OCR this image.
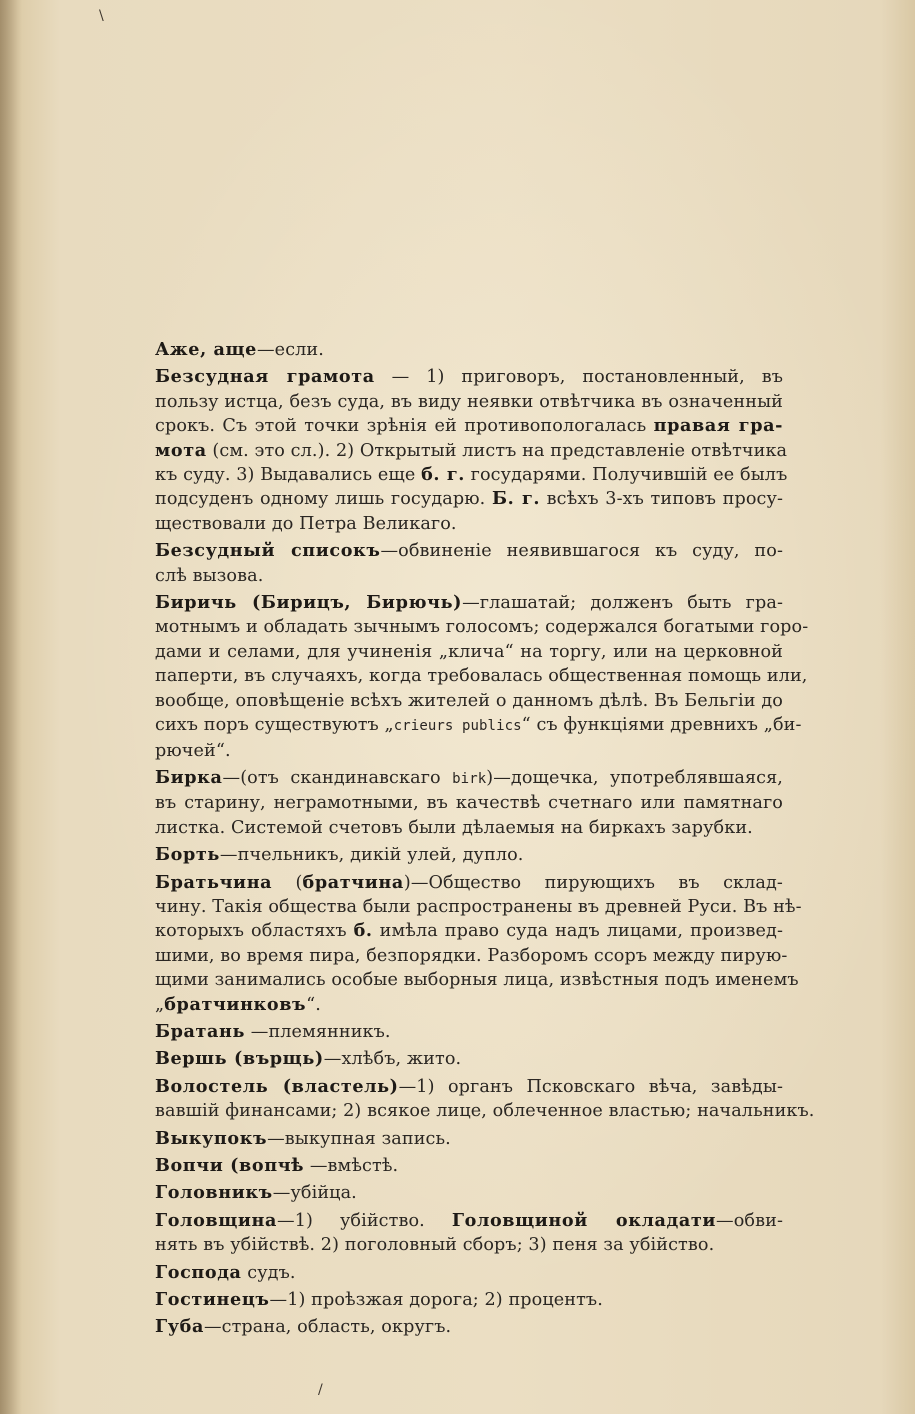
\
/
Аже, аще—если.
Безсудная грамота — 1) приговоръ, постановленный, въ
пользу истца, безъ суда, въ виду неявки отвѣтчика въ означенный
срокъ. Съ этой точки зрѣнія ей противопологалась правая гра-
мота (см. это сл.). 2) Открытый листъ на представленіе отвѣтчика
къ суду. 3) Выдавались еще б. г. государями. Получившій ее былъ
подсуденъ одному лишь государю. Б. г. всѣхъ 3-хъ типовъ просу-
ществовали до Петра Великаго.
Безсудный списокъ—обвиненіе неявившагося къ суду, по-
слѣ вызова.
Биричь (Бирицъ, Бирючь)—глашатай; долженъ быть гра-
мотнымъ и обладать зычнымъ голосомъ; содержался богатыми горо-
дами и селами, для учиненія „клича“ на торгу, или на церковной
паперти, въ случаяхъ, когда требовалась общественная помощь или,
вообще, оповѣщеніе всѣхъ жителей о данномъ дѣлѣ. Въ Бельгіи до
сихъ поръ существуютъ „crieurs publics“ съ функціями древнихъ „би-
рючей“.
Бирка—(отъ скандинавскаго birk)—дощечка, употреблявшаяся,
въ старину, неграмотными, въ качествѣ счетнаго или памятнаго
листка. Системой счетовъ были дѣлаемыя на биркахъ зарубки.
Борть—пчельникъ, дикій улей, дупло.
Братьчина (братчина)—Общество пирующихъ въ склад-
чину. Такія общества были распространены въ древней Руси. Въ нѣ-
которыхъ областяхъ б. имѣла право суда надъ лицами, произвед-
шими, во время пира, безпорядки. Разборомъ ссоръ между пирую-
щими занимались особые выборныя лица, извѣстныя подъ именемъ
„братчинковъ“.
Братань —племянникъ.
Вершь (върщь)—хлѣбъ, жито.
Волостель (властель)—1) органъ Псковскаго вѣча, завѣды-
вавшій финансами; 2) всякое лице, облеченное властью; начальникъ.
Выкупокъ—выкупная запись.
Вопчи (вопчѣ —вмѣстѣ.
Головникъ—убійца.
Головщина—1) убійство. Головщиной окладати—обви-
нять въ убійствѣ. 2) поголовный сборъ; 3) пеня за убійство.
Господа судъ.
Гостинецъ—1) проѣзжая дорога; 2) процентъ.
Губа—страна, область, округъ.
